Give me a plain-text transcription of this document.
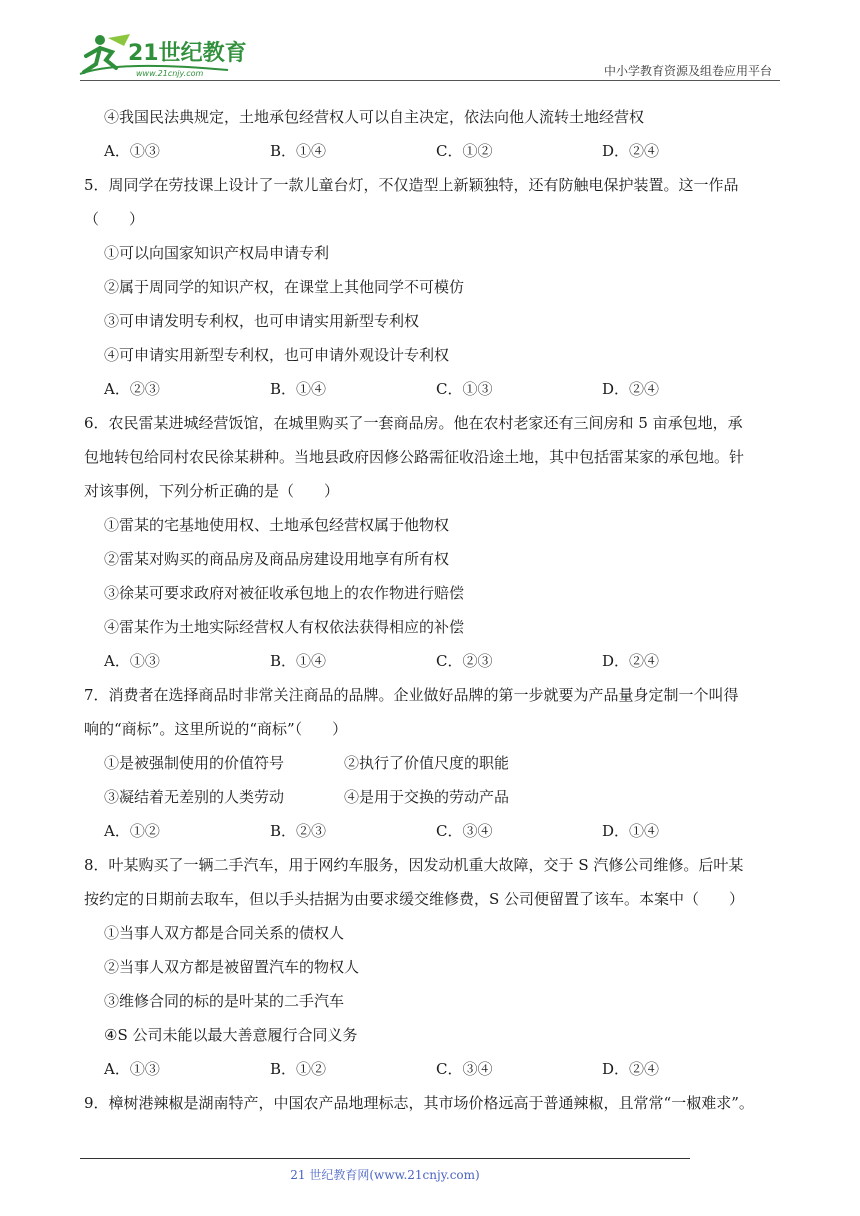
21世纪教育
www.21cnjy.com	中小学教育资源及组卷应用平台
④我国民法典规定，土地承包经营权人可以自主决定，依法向他人流转土地经营权
A．①③	B．①④	C．①②	D．②④
5．周同学在劳技课上设计了一款儿童台灯，不仅造型上新颖独特，还有防触电保护装置。这一作品
（　　）
①可以向国家知识产权局申请专利
②属于周同学的知识产权，在课堂上其他同学不可模仿
③可申请发明专利权，也可申请实用新型专利权
④可申请实用新型专利权，也可申请外观设计专利权
A．②③	B．①④	C．①③	D．②④
6．农民雷某进城经营饭馆，在城里购买了一套商品房。他在农村老家还有三间房和 5 亩承包地，承
包地转包给同村农民徐某耕种。当地县政府因修公路需征收沿途土地，其中包括雷某家的承包地。针
对该事例，下列分析正确的是（　　）
①雷某的宅基地使用权、土地承包经营权属于他物权
②雷某对购买的商品房及商品房建设用地享有所有权
③徐某可要求政府对被征收承包地上的农作物进行赔偿
④雷某作为土地实际经营权人有权依法获得相应的补偿
A．①③	B．①④	C．②③	D．②④
7．消费者在选择商品时非常关注商品的品牌。企业做好品牌的第一步就要为产品量身定制一个叫得
响的“商标”。这里所说的“商标”（　　）
①是被强制使用的价值符号	②执行了价值尺度的职能
③凝结着无差别的人类劳动	④是用于交换的劳动产品
A．①②	B．②③	C．③④	D．①④
8．叶某购买了一辆二手汽车，用于网约车服务，因发动机重大故障，交于 S 汽修公司维修。后叶某
按约定的日期前去取车，但以手头拮据为由要求缓交维修费，S 公司便留置了该车。本案中（　　）
①当事人双方都是合同关系的债权人
②当事人双方都是被留置汽车的物权人
③维修合同的标的是叶某的二手汽车
④S 公司未能以最大善意履行合同义务
A．①③	B．①②	C．③④	D．②④
9．樟树港辣椒是湖南特产，中国农产品地理标志，其市场价格远高于普通辣椒，且常常“一椒难求”。
21 世纪教育网(www.21cnjy.com)
